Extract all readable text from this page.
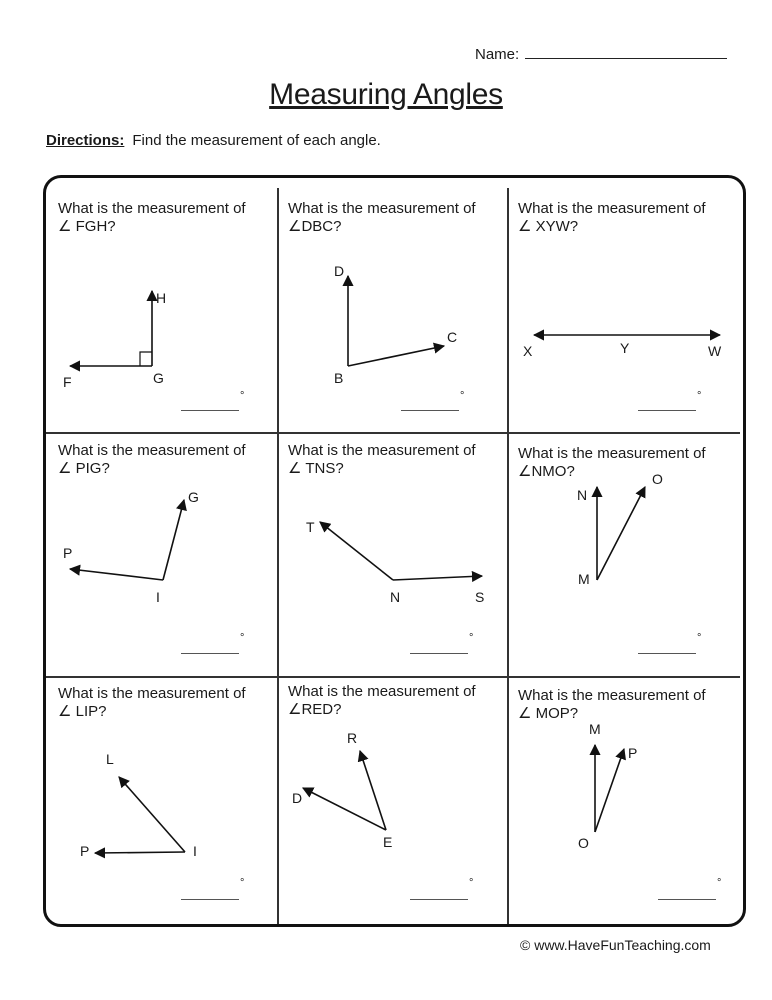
Name:
Measuring Angles
Directions: Find the measurement of each angle.
What is the measurement of
∠ FGH?
H
F	G
°
What is the measurement of
∠DBC?
D
C
B
°
What is the measurement of
∠ XYW?
X	Y	W
°
What is the measurement of
∠ PIG?
G
P
I
°
What is the measurement of
∠ TNS?
T
N	S
°
What is the measurement of
∠NMO?	O
N
M
°
What is the measurement of
∠ LIP?
L
P	I
°
What is the measurement of
∠RED?
R
D
E
°
What is the measurement of
∠ MOP?
M
P
O
°
© www.HaveFunTeaching.com
